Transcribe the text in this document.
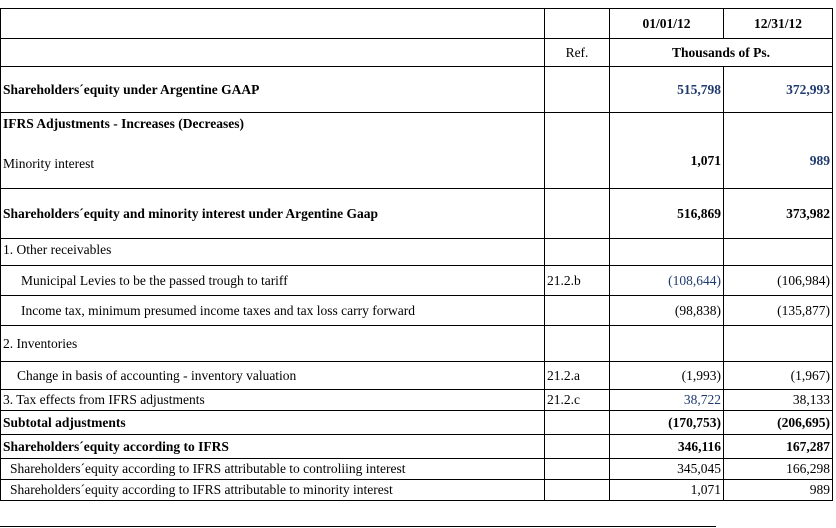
		01/01/12	12/31/12
	Ref.	Thousands of Ps.	
Shareholders´equity under Argentine GAAP		515,798	372,993

IFRS Adjustments - Increases (Decreases)
Minority interest		1,071	989
Shareholders´equity and minority interest under Argentine Gaap		516,869	373,982
1. Other receivables			
Municipal Levies to be the passed trough to tariff	21.2.b	(108,644)	(106,984)
Income tax, minimum presumed income taxes and tax loss carry forward		(98,838)	(135,877)
2. Inventories			
Change in basis of accounting - inventory valuation	21.2.a	(1,993)	(1,967)
3. Tax effects from IFRS adjustments	21.2.c	38,722	38,133
Subtotal adjustments		(170,753)	(206,695)
Shareholders´equity according to IFRS		346,116	167,287
Shareholders´equity according to IFRS attributable to controliing interest		345,045	166,298
Shareholders´equity according to IFRS attributable to minority interest		1,071	989
